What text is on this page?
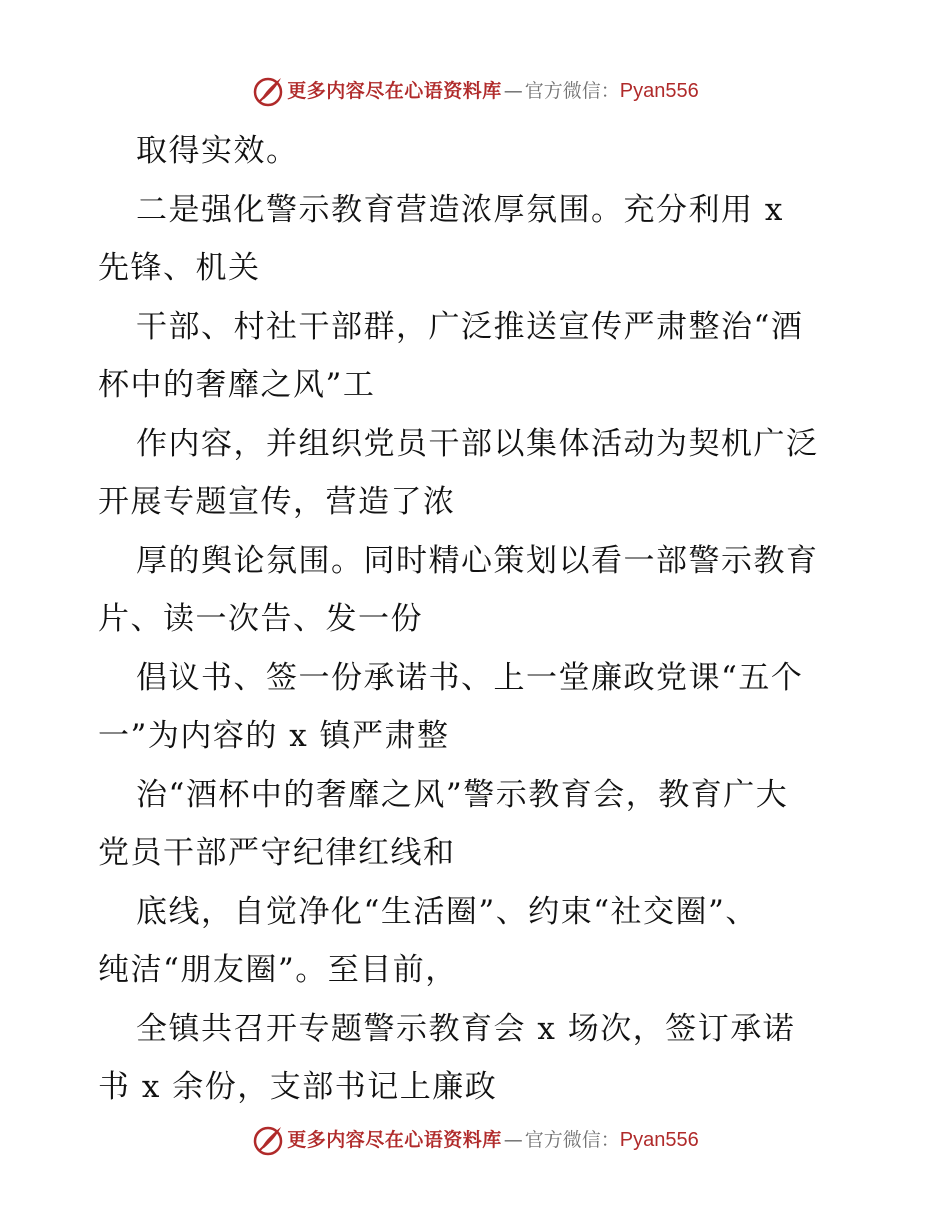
更多内容尽在心语资料库 — 官方微信： Pyan556
取得实效。
二是强化警示教育营造浓厚氛围。充分利用 x
先锋、机关
干部、村社干部群，广泛推送宣传严肃整治“酒
杯中的奢靡之风”工
作内容，并组织党员干部以集体活动为契机广泛
开展专题宣传，营造了浓
厚的舆论氛围。同时精心策划以看一部警示教育
片、读一次告、发一份
倡议书、签一份承诺书、上一堂廉政党课“五个
一”为内容的 x 镇严肃整
治“酒杯中的奢靡之风”警示教育会，教育广大
党员干部严守纪律红线和
底线，自觉净化“生活圈”、约束“社交圈”、
纯洁“朋友圈”。至目前，
全镇共召开专题警示教育会 x 场次，签订承诺
书 x 余份，支部书记上廉政
更多内容尽在心语资料库 — 官方微信： Pyan556
